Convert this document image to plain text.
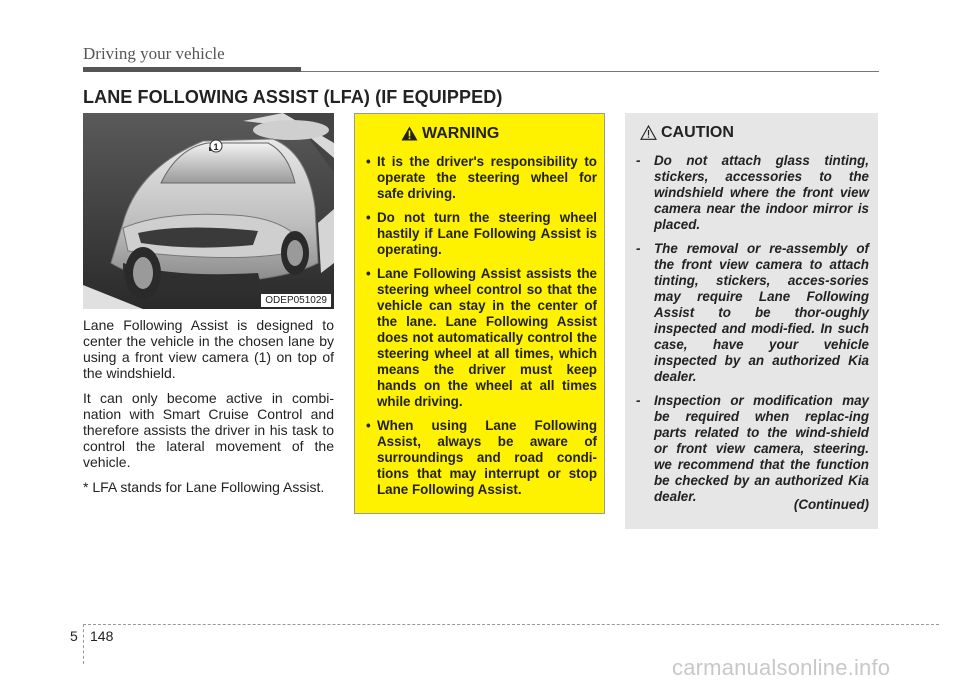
Driving your vehicle
LANE FOLLOWING ASSIST (LFA) (IF EQUIPPED)
1
ODEP051029

Lane Following Assist is designed to center the vehicle in the chosen lane by using a front view camera (1) on top of the windshield.

It can only become active in combi-nation with Smart Cruise Control and therefore assists the driver in his task to control the lateral movement of the vehicle.

* LFA stands for Lane Following Assist.

WARNING
• It is the driver's responsibility to operate the steering wheel for safe driving.
• Do not turn the steering wheel hastily if Lane Following Assist is operating.
• Lane Following Assist assists the steering wheel control so that the vehicle can stay in the center of the lane. Lane Following Assist does not automatically control the steering wheel at all times, which means the driver must keep hands on the wheel at all times while driving.
• When using Lane Following Assist, always be aware of surroundings and road condi-tions that may interrupt or stop Lane Following Assist.
CAUTION
- Do not attach glass tinting, stickers, accessories to the windshield where the front view camera near the indoor mirror is placed.
- The removal or re-assembly of the front view camera to attach tinting, stickers, acces-sories may require Lane Following Assist to be thor-oughly inspected and modi-fied. In such case, have your vehicle inspected by an authorized Kia dealer.
- Inspection or modification may be required when replac-ing parts related to the wind-shield or front view camera, steering. we recommend that the function be checked by an authorized Kia dealer.
(Continued)
5 148
carmanualsonline.info
